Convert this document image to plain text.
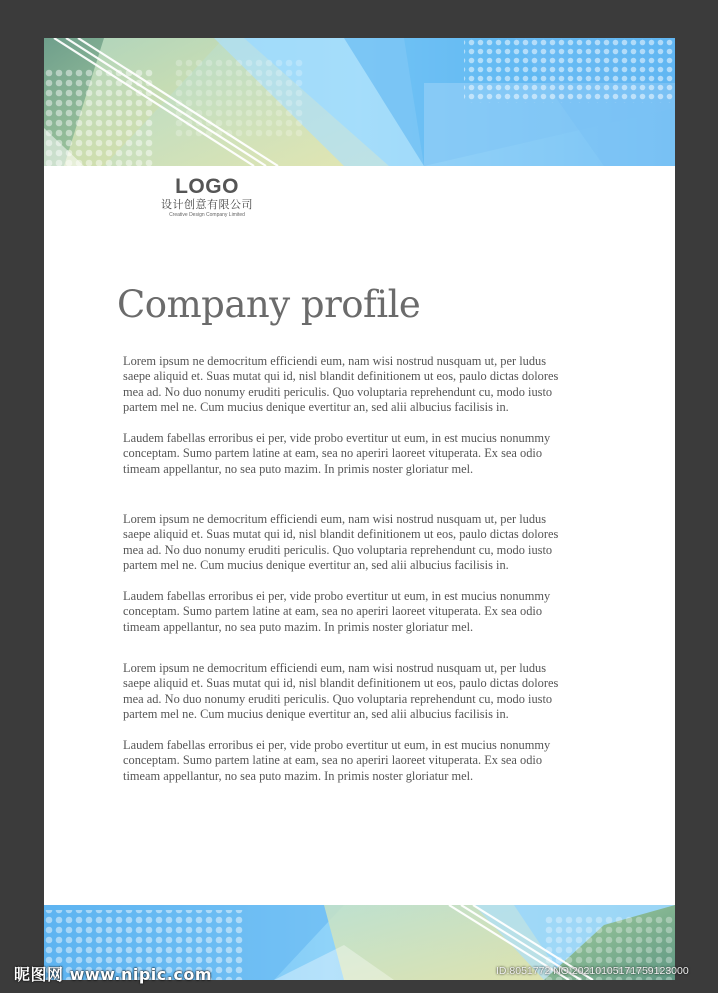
LOGO
设计创意有限公司
Creative Design Company Limited
Company profile

Lorem ipsum ne democritum efficiendi eum, nam wisi nostrud nusquam ut, per ludus
saepe aliquid et. Suas mutat qui id, nisl blandit definitionem ut eos, paulo dictas dolores
mea ad. No duo nonumy eruditi periculis. Quo voluptaria reprehendunt cu, modo iusto
partem mel ne. Cum mucius denique evertitur an, sed alii albucius facilisis in.

Laudem fabellas erroribus ei per, vide probo evertitur ut eum, in est mucius nonummy
conceptam. Sumo partem latine at eam, sea no aperiri laoreet vituperata. Ex sea odio
timeam appellantur, no sea puto mazim. In primis noster gloriatur mel.

Lorem ipsum ne democritum efficiendi eum, nam wisi nostrud nusquam ut, per ludus
saepe aliquid et. Suas mutat qui id, nisl blandit definitionem ut eos, paulo dictas dolores
mea ad. No duo nonumy eruditi periculis. Quo voluptaria reprehendunt cu, modo iusto
partem mel ne. Cum mucius denique evertitur an, sed alii albucius facilisis in.

Laudem fabellas erroribus ei per, vide probo evertitur ut eum, in est mucius nonummy
conceptam. Sumo partem latine at eam, sea no aperiri laoreet vituperata. Ex sea odio
timeam appellantur, no sea puto mazim. In primis noster gloriatur mel.

Lorem ipsum ne democritum efficiendi eum, nam wisi nostrud nusquam ut, per ludus
saepe aliquid et. Suas mutat qui id, nisl blandit definitionem ut eos, paulo dictas dolores
mea ad. No duo nonumy eruditi periculis. Quo voluptaria reprehendunt cu, modo iusto
partem mel ne. Cum mucius denique evertitur an, sed alii albucius facilisis in.

Laudem fabellas erroribus ei per, vide probo evertitur ut eum, in est mucius nonummy
conceptam. Sumo partem latine at eam, sea no aperiri laoreet vituperata. Ex sea odio
timeam appellantur, no sea puto mazim. In primis noster gloriatur mel.

昵图网 www.nipic.com	ID:8051772 NO:20210105171759123000
